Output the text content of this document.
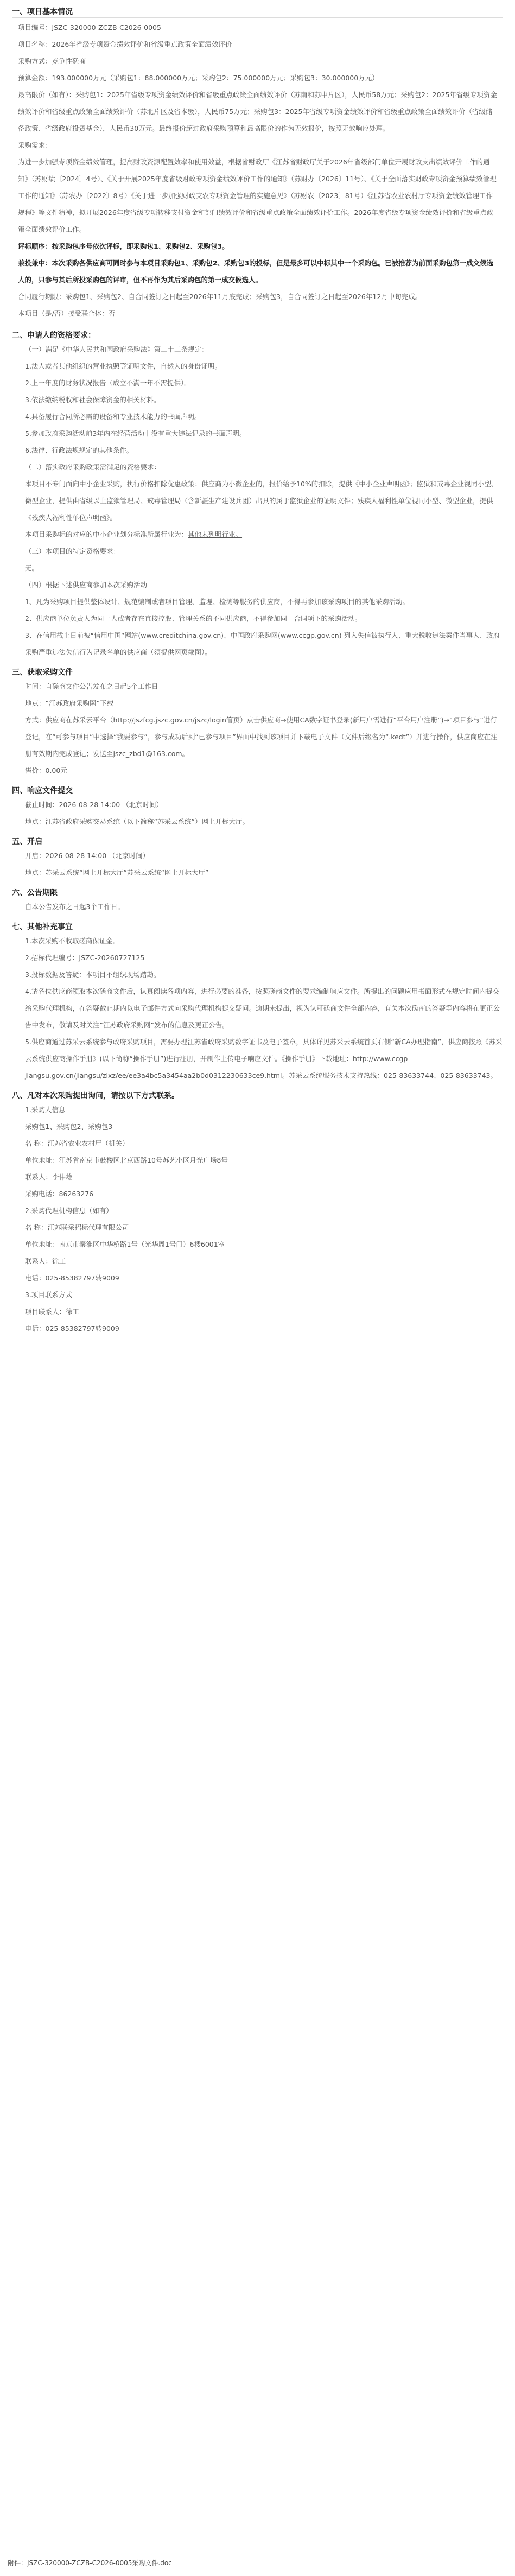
一、项目基本情况

项目编号：JSZC-320000-ZCZB-C2026-0005

项目名称：2026年省级专项资金绩效评价和省级重点政策全面绩效评价

采购方式：竞争性磋商

预算金额：193.000000万元（采购包1：88.000000万元；采购包2：75.000000万元；采购包3：30.000000万元）

最高限价（如有）：采购包1：2025年省级专项资金绩效评价和省级重点政策全面绩效评价（苏南和苏中片区），人民币58万元；采购包2：2025年省级专项资金绩效评价和省级重点政策全面绩效评价（苏北片区及省本级），人民币75万元；采购包3：2025年省级专项资金绩效评价和省级重点政策全面绩效评价（省级储备政策、省级政府投资基金），人民币30万元。最终报价超过政府采购预算和最高限价的作为无效报价，按照无效响应处理。

采购需求：

为进一步加强专项资金绩效管理，提高财政资源配置效率和使用效益，根据省财政厅《江苏省财政厅关于2026年省级部门单位开展财政支出绩效评价工作的通知》（苏财绩〔2024〕4号）、《关于开展2025年度省级财政专项资金绩效评价工作的通知》（苏财办〔2026〕11号）、《关于全面落实财政专项资金预算绩效管理工作的通知》（苏农办〔2022〕8号）《关于进一步加强财政支农专项资金管理的实施意见》（苏财农〔2023〕81号）《江苏省农业农村厅专项资金绩效管理工作规程》等文件精神，拟开展2026年度省级专项转移支付资金和部门绩效评价和省级重点政策全面绩效评价工作。2026年度省级专项资金绩效评价和省级重点政策全面绩效评价工作。

评标顺序：按采购包序号依次评标，即采购包1、采购包2、采购包3。

兼投兼中：本次采购各供应商可同时参与本项目采购包1、采购包2、采购包3的投标，但是最多可以中标其中一个采购包。已被推荐为前面采购包第一成交候选人的，只参与其后所投采购包的评审，但不再作为其后采购包的第一成交候选人。

合同履行期限：采购包1、采购包2、自合同签订之日起至2026年11月底完成；采购包3，自合同签订之日起至2026年12月中旬完成。

本项目（是/否）接受联合体：否

二、申请人的资格要求：

（一）满足《中华人民共和国政府采购法》第二十二条规定：

1.法人或者其他组织的营业执照等证明文件，自然人的身份证明。

2.上一年度的财务状况报告（成立不满一年不需提供）。

3.依法缴纳税收和社会保障资金的相关材料。

4.具备履行合同所必需的设备和专业技术能力的书面声明。

5.参加政府采购活动前3年内在经营活动中没有重大违法记录的书面声明。

6.法律、行政法规规定的其他条件。

（二）落实政府采购政策需满足的资格要求：

本项目不专门面向中小企业采购，执行价格扣除优惠政策；供应商为小微企业的，报价给予10%的扣除，提供《中小企业声明函》；监狱和戒毒企业视同小型、微型企业，提供由省级以上监狱管理局、戒毒管理局（含新疆生产建设兵团）出具的属于监狱企业的证明文件；残疾人福利性单位视同小型、微型企业，提供《残疾人福利性单位声明函》。

本项目采购标的对应的中小企业划分标准所属行业为：其他未列明行业。

（三）本项目的特定资格要求：

无。

（四）根据下述供应商参加本次采购活动

1、凡为采购项目提供整体设计、规范编制或者项目管理、监理、检测等服务的供应商，不得再参加该采购项目的其他采购活动。

2、供应商单位负责人为同一人或者存在直接控股、管理关系的不同供应商，不得参加同一合同项下的采购活动。

3、在信用截止日前被“信用中国”网站(www.creditchina.gov.cn)、中国政府采购网(www.ccgp.gov.cn) 列入失信被执行人、重大税收违法案件当事人、政府采购严重违法失信行为记录名单的供应商（须提供网页截图）。

三、获取采购文件

时间：自磋商文件公告发布之日起5个工作日

地点：“江苏政府采购网”下载

方式：供应商在苏采云平台（http://jszfcg.jszc.gov.cn/jszc/login管页）点击供应商→使用CA数字证书登录(新用户需进行“平台用户注册”)→“项目参与”进行登记，在“可参与项目”中选择“我要参与”，参与成功后到“已参与项目”界面中找到该项目并下载电子文件（文件后缀名为“.kedt”）并进行操作，供应商应在注册有效期内完成登记；发送至jszc_zbd1@163.com。

售价：0.00元

四、响应文件提交

截止时间：2026-08-28 14:00 （北京时间）

地点：江苏省政府采购交易系统（以下简称“苏采云系统”）网上开标大厅。

五、开启

开启：2026-08-28 14:00 （北京时间）

地点：苏采云系统“网上开标大厅”苏采云系统“网上开标大厅”

六、公告期限

自本公告发布之日起3个工作日。

七、其他补充事宜

1.本次采购不收取磋商保证金。

2.招标代理编号：JSZC-20260727125

3.投标数据及答疑：本项目不组织现场踏勘。

4.请各位供应商领取本次磋商文件后，认真阅读各项内容，进行必要的准备，按照磋商文件的要求编制响应文件。所提出的问题应用书面形式在规定时间内提交给采购代理机构，在答疑截止期内以电子邮件方式向采购代理机构提交疑问。逾期未提出，视为认可磋商文件全部内容，有关本次磋商的答疑等内容将在更正公告中发布，敬请及时关注“江苏政府采购网”发布的信息及更正公告。

5.供应商通过苏采云系统参与政府采购项目，需要办理江苏省政府采购数字证书及电子签章，具体详见苏采云系统首页右侧“新CA办理指南”，供应商按照《苏采云系统供应商操作手册》(以下简称“操作手册”)进行注册，并制作上传电子响应文件。《操作手册》下载地址：http://www.ccgp-jiangsu.gov.cn/jiangsu/zlxz/ee/ee3a4bc5a3454aa2b0d0312230633ce9.html。苏采云系统服务技术支持热线：025-83633744、025-83633743。

八、凡对本次采购提出询问，请按以下方式联系。

1.采购人信息

采购包1、采购包2、采购包3

名 称：江苏省农业农村厅（机关）

单位地址：江苏省南京市鼓楼区北京西路10号苏艺小区月光广场8号

联系人：李伟雄

采购电话：86263276

2.采购代理机构信息（如有）

名 称：江苏联采招标代理有限公司

单位地址：南京市秦淮区中华桥路1号（光华周1号门）6楼6001室

联系人：徐工

电话：025-85382797转9009

3.项目联系方式

项目联系人：徐工

电话：025-85382797转9009

附件：JSZC-320000-ZCZB-C2026-0005采购文件.doc
